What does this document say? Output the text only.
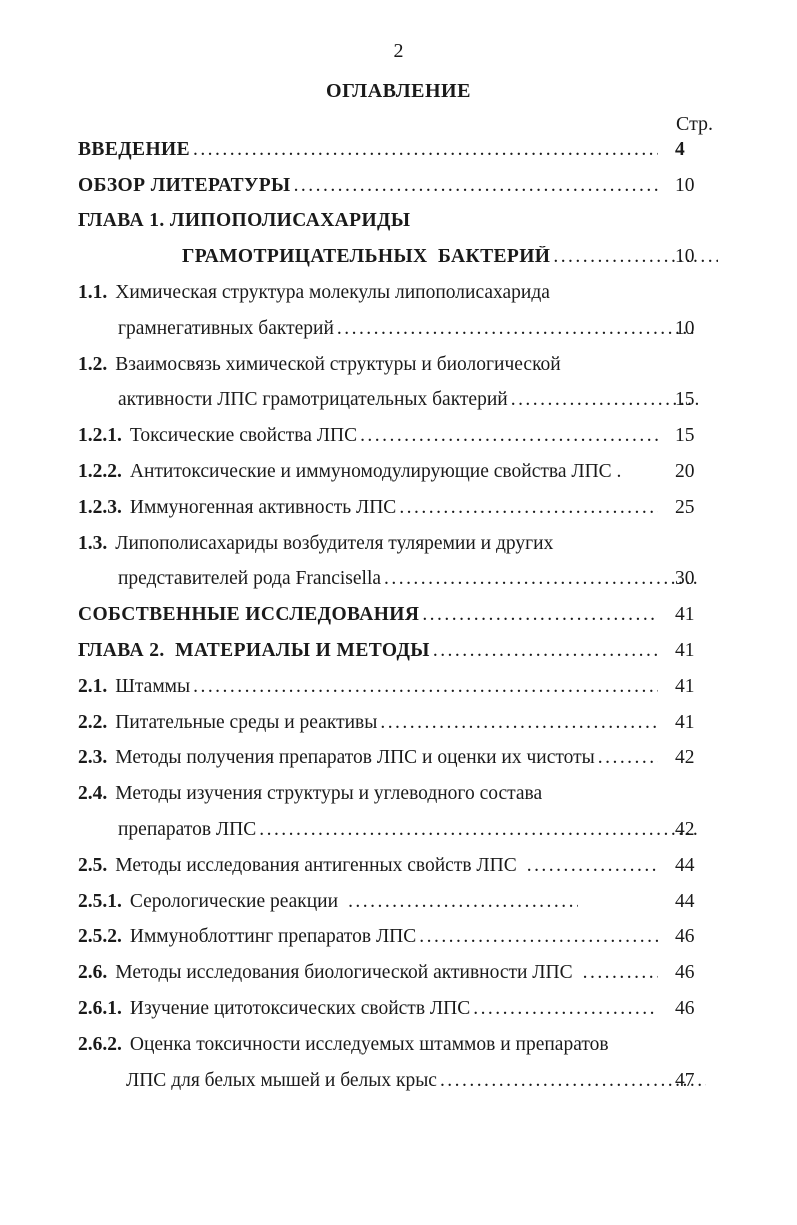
2
ОГЛАВЛЕНИЕ
Стр.
ВВЕДЕНИЕ . . .	4
ОБЗОР ЛИТЕРАТУРЫ . . .	10
ГЛАВА 1. ЛИПОПОЛИСАХАРИДЫ
ГРАМОТРИЦАТЕЛЬНЫХ  БАКТЕРИЙ . . .	10
1.1. Химическая структура молекулы липополисахарида
грамнегативных бактерий . . .	10
1.2. Взаимосвязь химической структуры и биологической
активности ЛПС грамотрицательных бактерий . . .	15
1.2.1. Токсические свойства ЛПС . . .	15
1.2.2. Антитоксические и иммуномодулирующие свойства ЛПС .	20
1.2.3. Иммуногенная активность ЛПС . . .	25
1.3. Липополисахариды возбудителя туляремии и других
представителей рода Francisella . . .	30
СОБСТВЕННЫЕ ИССЛЕДОВАНИЯ . . .	41
ГЛАВА 2.  МАТЕРИАЛЫ И МЕТОДЫ . . .	41
2.1. Штаммы . . .	41
2.2. Питательные среды и реактивы . . .	41
2.3. Методы получения препаратов ЛПС и оценки их чистоты . . .	42
2.4. Методы изучения структуры и углеводного состава
препаратов ЛПС . . .	42
2.5. Методы исследования антигенных свойств ЛПС . . .	44
2.5.1. Серологические реакции . . .	44
2.5.2. Иммуноблоттинг препаратов ЛПС . . .	46
2.6. Методы исследования биологической активности ЛПС . . .	46
2.6.1. Изучение цитотоксических свойств ЛПС . . .	46
2.6.2. Оценка токсичности исследуемых штаммов и препаратов
ЛПС для белых мышей и белых крыс . . .	47
